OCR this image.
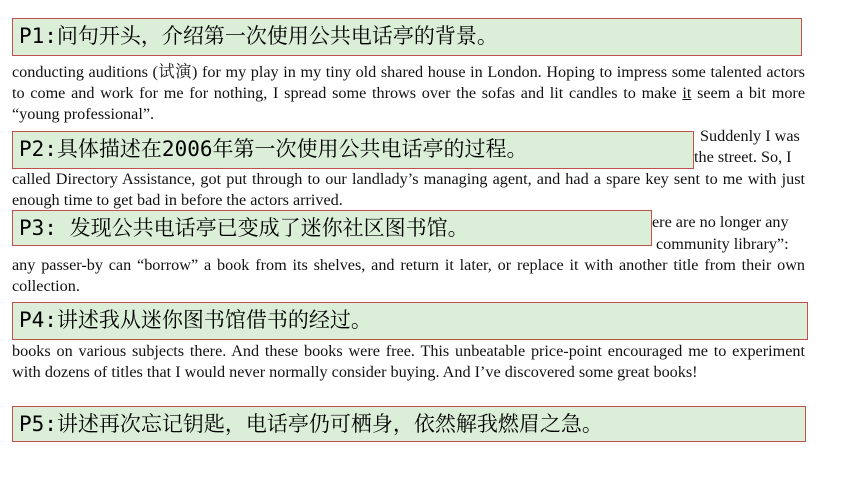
conducting auditions (试演) for my play in my tiny old shared house in London. Hoping to impress some talented actors to come and work for me for nothing, I spread some throws over the sofas and lit candles to make it seem a bit more “young professional”.

Suddenly I was
the street. So, I

called Directory Assistance, got put through to our landlady’s managing agent, and had a spare key sent to me with just enough time to get bad in before the actors arrived.

ere are no longer any
community library”:

any passer-by can “borrow” a book from its shelves, and return it later, or replace it with another title from their own collection.

books on various subjects there. And these books were free. This unbeatable price-point encouraged me to experiment with dozens of titles that I would never normally consider buying. And I’ve discovered some great books!

P1:问句开头，介绍第一次使用公共电话亭的背景。
P2:具体描述在2006年第一次使用公共电话亭的过程。
P3: 发现公共电话亭已变成了迷你社区图书馆。
P4:讲述我从迷你图书馆借书的经过。
P5:讲述再次忘记钥匙，电话亭仍可栖身，依然解我燃眉之急。
